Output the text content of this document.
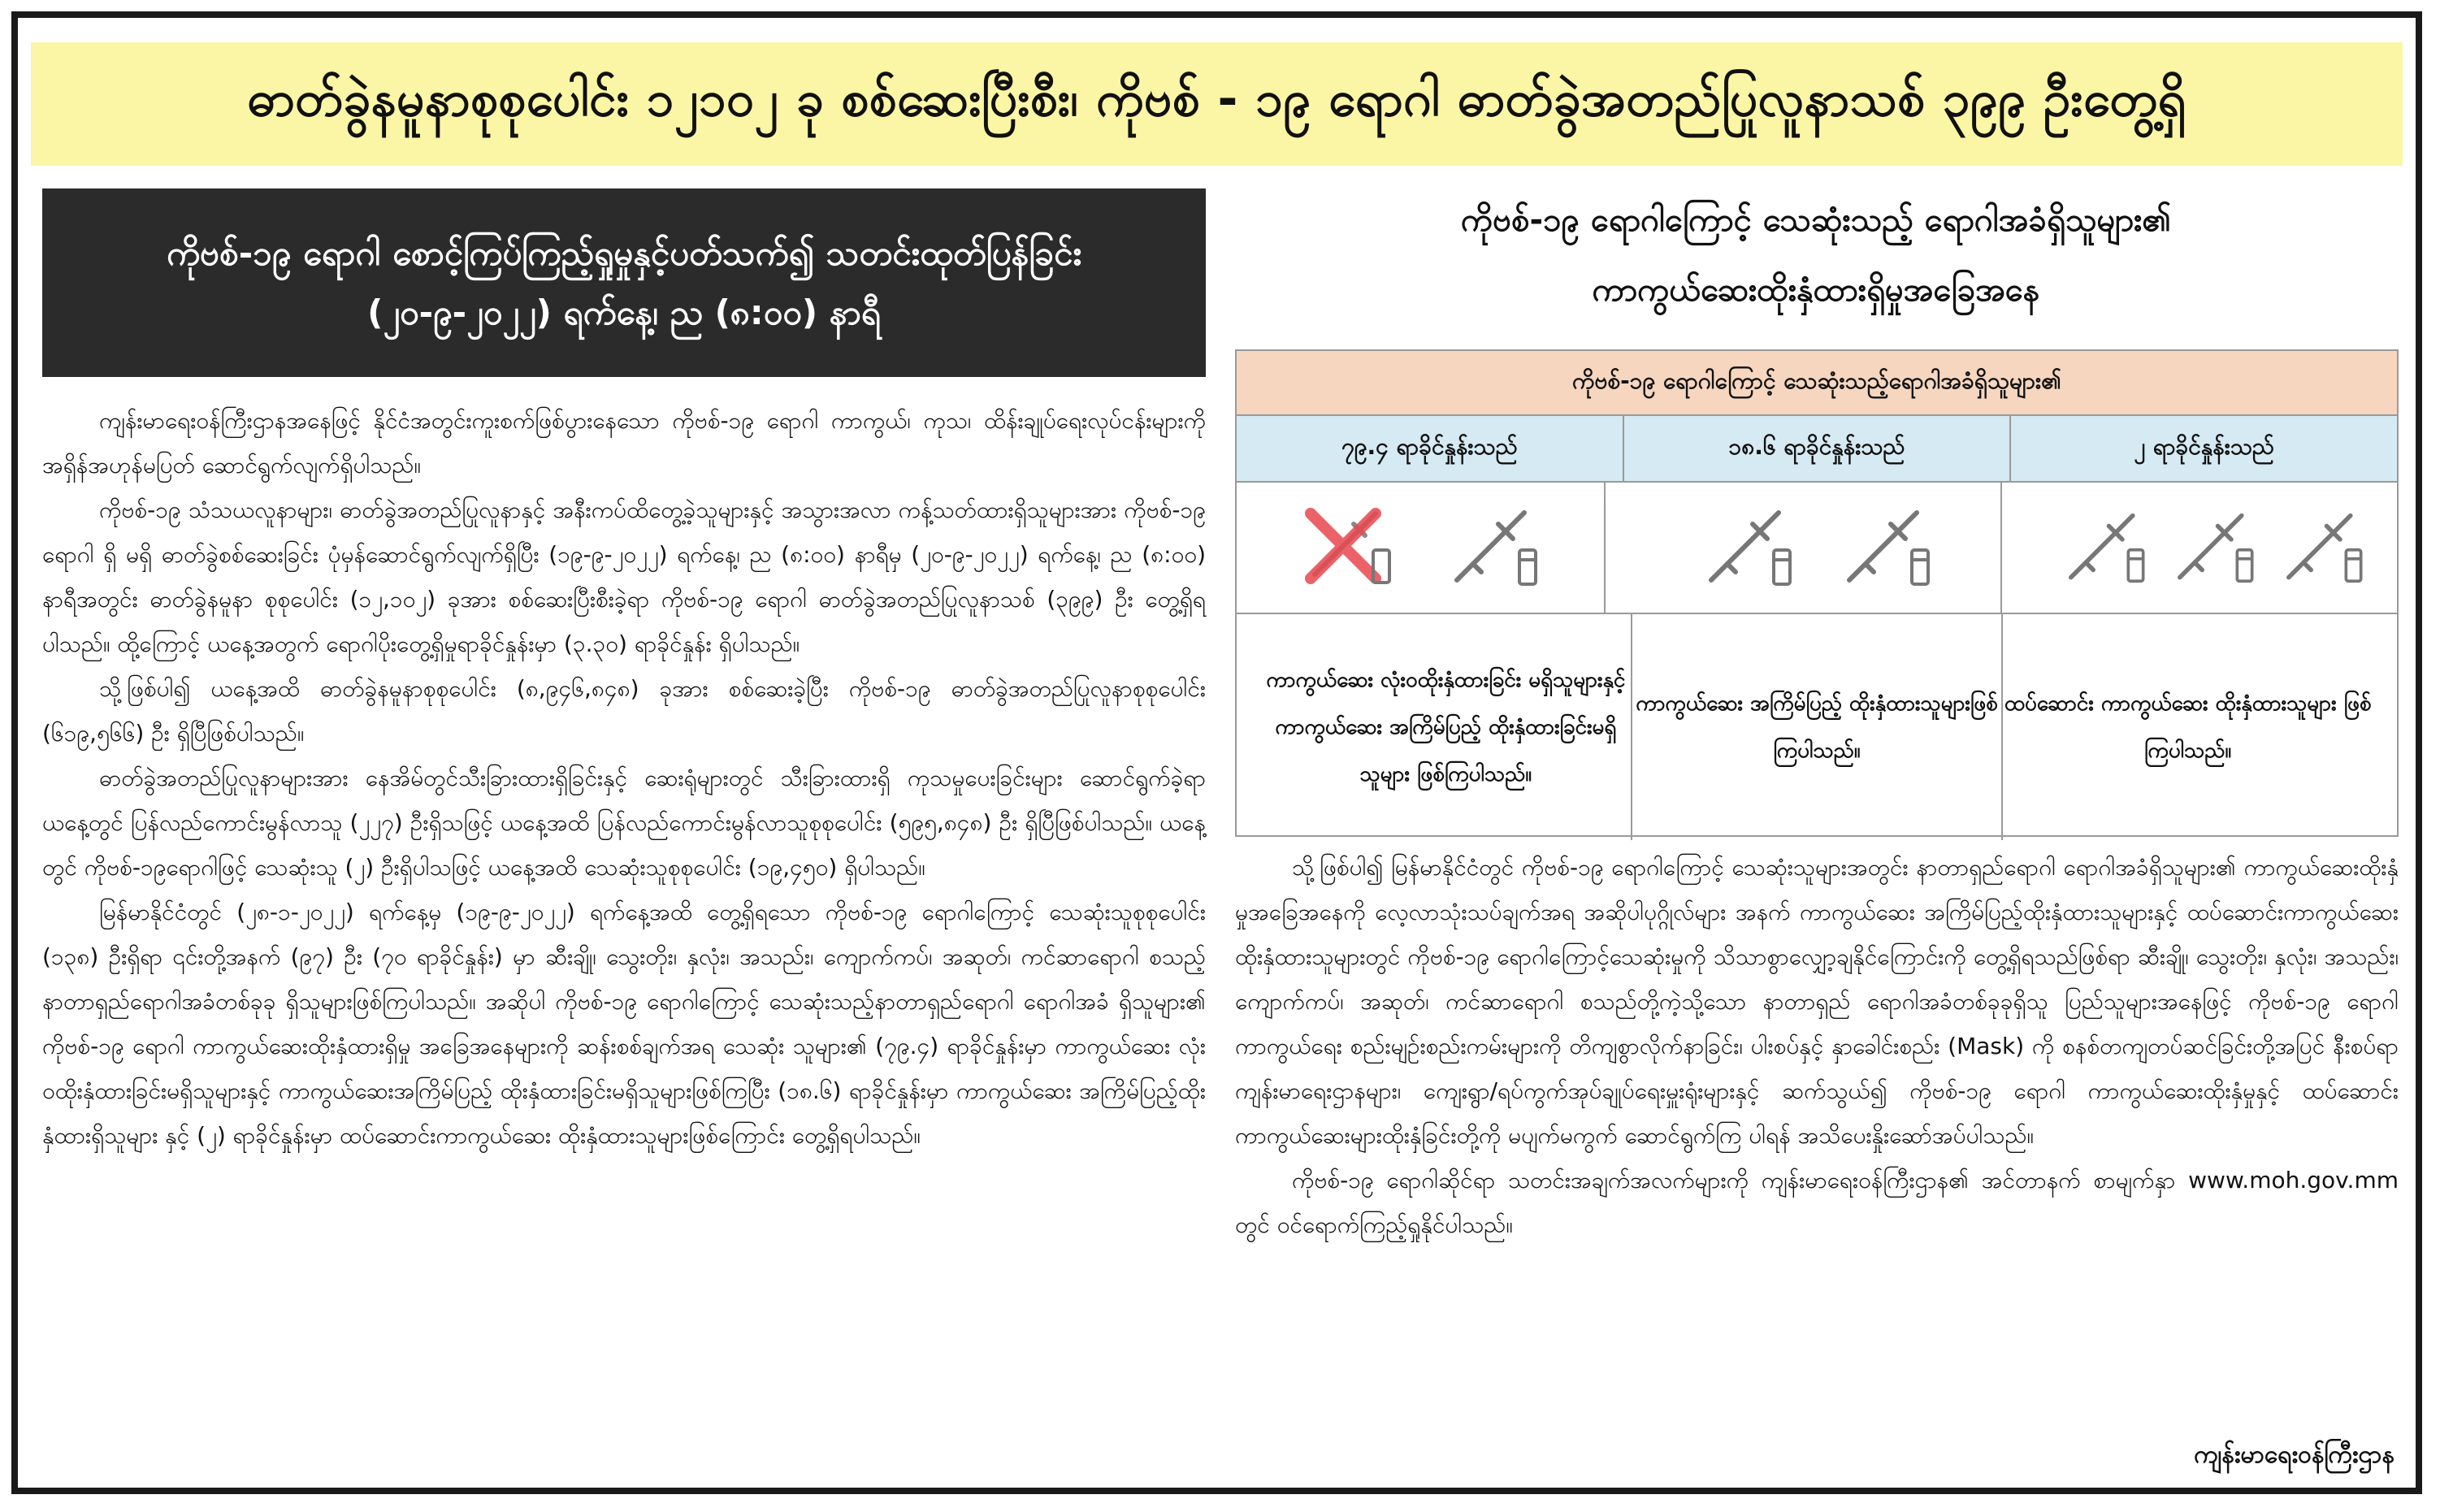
ဓာတ်ခွဲနမူနာစုစုပေါင်း ၁၂၁၀၂ ခု စစ်ဆေးပြီးစီး၊ ကိုဗစ် - ၁၉ ရောဂါ ဓာတ်ခွဲအတည်ပြုလူနာသစ် ၃၉၉ ဦးတွေ့ရှိ
ကိုဗစ်-၁၉ ရောဂါ စောင့်ကြပ်ကြည့်ရှုမှုနှင့်ပတ်သက်၍ သတင်းထုတ်ပြန်ခြင်း
(၂၀-၉-၂၀၂၂) ရက်နေ့၊ ည (၈:၀၀) နာရီ

ကျန်းမာရေးဝန်ကြီးဌာနအနေဖြင့် နိုင်ငံအတွင်းကူးစက်ဖြစ်ပွားနေသော ကိုဗစ်-၁၉ ရောဂါ ကာကွယ်၊ ကုသ၊ ထိန်းချုပ်ရေးလုပ်ငန်းများကို အရှိန်အဟုန်မပြတ် ဆောင်ရွက်လျက်ရှိပါသည်။

ကိုဗစ်-၁၉ သံသယလူနာများ၊ ဓာတ်ခွဲအတည်ပြုလူနာနှင့် အနီးကပ်ထိတွေ့ခဲ့သူများနှင့် အသွားအလာ ကန့်သတ်ထားရှိသူများအား ကိုဗစ်-၁၉ ရောဂါ ရှိ မရှိ ဓာတ်ခွဲစစ်ဆေးခြင်း ပုံမှန်ဆောင်ရွက်လျက်ရှိပြီး (၁၉-၉-၂၀၂၂) ရက်နေ့၊ ည (၈:၀၀) နာရီမှ (၂၀-၉-၂၀၂၂) ရက်နေ့၊ ည (၈:၀၀) နာရီအတွင်း ဓာတ်ခွဲနမူနာ စုစုပေါင်း (၁၂,၁၀၂) ခုအား စစ်ဆေးပြီးစီးခဲ့ရာ ကိုဗစ်-၁၉ ရောဂါ ဓာတ်ခွဲအတည်ပြုလူနာသစ် (၃၉၉) ဦး တွေ့ရှိရပါသည်။ ထို့ကြောင့် ယနေ့အတွက် ရောဂါပိုးတွေ့ရှိမှုရာခိုင်နှုန်းမှာ (၃.၃၀) ရာခိုင်နှုန်း ရှိပါသည်။

သို့ဖြစ်ပါ၍ ယနေ့အထိ ဓာတ်ခွဲနမူနာစုစုပေါင်း (၈,၉၄၆,၈၄၈) ခုအား စစ်ဆေးခဲ့ပြီး ကိုဗစ်-၁၉ ဓာတ်ခွဲအတည်ပြုလူနာစုစုပေါင်း (၆၁၉,၅၆၆) ဦး ရှိပြီဖြစ်ပါသည်။

ဓာတ်ခွဲအတည်ပြုလူနာများအား နေအိမ်တွင်သီးခြားထားရှိခြင်းနှင့် ဆေးရုံများတွင် သီးခြားထားရှိ ကုသမှုပေးခြင်းများ ဆောင်ရွက်ခဲ့ရာ ယနေ့တွင် ပြန်လည်ကောင်းမွန်လာသူ (၂၂၇) ဦးရှိသဖြင့် ယနေ့အထိ ပြန်လည်ကောင်းမွန်လာသူစုစုပေါင်း (၅၉၅,၈၄၈) ဦး ရှိပြီဖြစ်ပါသည်။ ယနေ့တွင် ကိုဗစ်-၁၉ရောဂါဖြင့် သေဆုံးသူ (၂) ဦးရှိပါသဖြင့် ယနေ့အထိ သေဆုံးသူစုစုပေါင်း (၁၉,၄၅၀) ရှိပါသည်။

မြန်မာနိုင်ငံတွင် (၂၈-၁-၂၀၂၂) ရက်နေ့မှ (၁၉-၉-၂၀၂၂) ရက်နေ့အထိ တွေ့ရှိရသော ကိုဗစ်-၁၉ ရောဂါကြောင့် သေဆုံးသူစုစုပေါင်း (၁၃၈) ဦးရှိရာ ၎င်းတို့အနက် (၉၇) ဦး (၇၀ ရာခိုင်နှုန်း) မှာ ဆီးချို၊ သွေးတိုး၊ နှလုံး၊ အသည်း၊ ကျောက်ကပ်၊ အဆုတ်၊ ကင်ဆာရောဂါ စသည့် နာတာရှည်ရောဂါအခံတစ်ခုခု ရှိသူများဖြစ်ကြပါသည်။ အဆိုပါ ကိုဗစ်-၁၉ ရောဂါကြောင့် သေဆုံးသည့်နာတာရှည်ရောဂါ ရောဂါအခံ ရှိသူများ၏ ကိုဗစ်-၁၉ ရောဂါ ကာကွယ်ဆေးထိုးနှံထားရှိမှု အခြေအနေများကို ဆန်းစစ်ချက်အရ သေဆုံး သူများ၏ (၇၉.၄) ရာခိုင်နှုန်းမှာ ကာကွယ်ဆေး လုံးဝထိုးနှံထားခြင်းမရှိသူများနှင့် ကာကွယ်ဆေးအကြိမ်ပြည့် ထိုးနှံထားခြင်းမရှိသူများဖြစ်ကြပြီး (၁၈.၆) ရာခိုင်နှုန်းမှာ ကာကွယ်ဆေး အကြိမ်ပြည့်ထိုးနှံထားရှိသူများ နှင့် (၂) ရာခိုင်နှုန်းမှာ ထပ်ဆောင်းကာကွယ်ဆေး ထိုးနှံထားသူများဖြစ်ကြောင်း တွေ့ရှိရပါသည်။

ကိုဗစ်-၁၉ ရောဂါကြောင့် သေဆုံးသည့် ရောဂါအခံရှိသူများ၏
ကာကွယ်ဆေးထိုးနှံထားရှိမှုအခြေအနေ
ကိုဗစ်-၁၉ ရောဂါကြောင့် သေဆုံးသည့်ရောဂါအခံရှိသူများ၏
၇၉.၄ ရာခိုင်နှုန်းသည်	၁၈.၆ ရာခိုင်နှုန်းသည်	၂ ရာခိုင်နှုန်းသည်
ကာကွယ်ဆေး လုံးဝထိုးနှံထားခြင်း မရှိသူများနှင့် ကာကွယ်ဆေး အကြိမ်ပြည့် ထိုးနှံထားခြင်းမရှိ သူများ ဖြစ်ကြပါသည်။
ကာကွယ်ဆေး အကြိမ်ပြည့် ထိုးနှံထားသူများဖြစ်ကြပါသည်။
ထပ်ဆောင်း ကာကွယ်ဆေး ထိုးနှံထားသူများ ဖြစ်ကြပါသည်။

သို့ဖြစ်ပါ၍ မြန်မာနိုင်ငံတွင် ကိုဗစ်-၁၉ ရောဂါကြောင့် သေဆုံးသူများအတွင်း နာတာရှည်ရောဂါ ရောဂါအခံရှိသူများ၏ ကာကွယ်ဆေးထိုးနှံမှုအခြေအနေကို လေ့လာသုံးသပ်ချက်အရ အဆိုပါပုဂ္ဂိုလ်များ အနက် ကာကွယ်ဆေး အကြိမ်ပြည့်ထိုးနှံထားသူများနှင့် ထပ်ဆောင်းကာကွယ်ဆေး ထိုးနှံထားသူများတွင် ကိုဗစ်-၁၉ ရောဂါကြောင့်သေဆုံးမှုကို သိသာစွာလျှော့ချနိုင်ကြောင်းကို တွေ့ရှိရသည်ဖြစ်ရာ ဆီးချို၊ သွေးတိုး၊ နှလုံး၊ အသည်း၊ ကျောက်ကပ်၊ အဆုတ်၊ ကင်ဆာရောဂါ စသည်တို့ကဲ့သို့သော နာတာရှည် ရောဂါအခံတစ်ခုခုရှိသူ ပြည်သူများအနေဖြင့် ကိုဗစ်-၁၉ ရောဂါ ကာကွယ်ရေး စည်းမျဉ်းစည်းကမ်းများကို တိကျစွာလိုက်နာခြင်း၊ ပါးစပ်နှင့် နှာခေါင်းစည်း (Mask) ကို စနစ်တကျတပ်ဆင်ခြင်းတို့အပြင် နီးစပ်ရာ ကျန်းမာရေးဌာနများ၊ ကျေးရွာ/ရပ်ကွက်အုပ်ချုပ်ရေးမှူးရုံးများနှင့် ဆက်သွယ်၍ ကိုဗစ်-၁၉ ရောဂါ ကာကွယ်ဆေးထိုးနှံမှုနှင့် ထပ်ဆောင်းကာကွယ်ဆေးများထိုးနှံခြင်းတို့ကို မပျက်မကွက် ဆောင်ရွက်ကြ ပါရန် အသိပေးနှိုးဆော်အပ်ပါသည်။

ကိုဗစ်-၁၉ ရောဂါဆိုင်ရာ သတင်းအချက်အလက်များကို ကျန်းမာရေးဝန်ကြီးဌာန၏ အင်တာနက် စာမျက်နှာ www.moh.gov.mm တွင် ဝင်ရောက်ကြည့်ရှုနိုင်ပါသည်။

ကျန်းမာရေးဝန်ကြီးဌာန
